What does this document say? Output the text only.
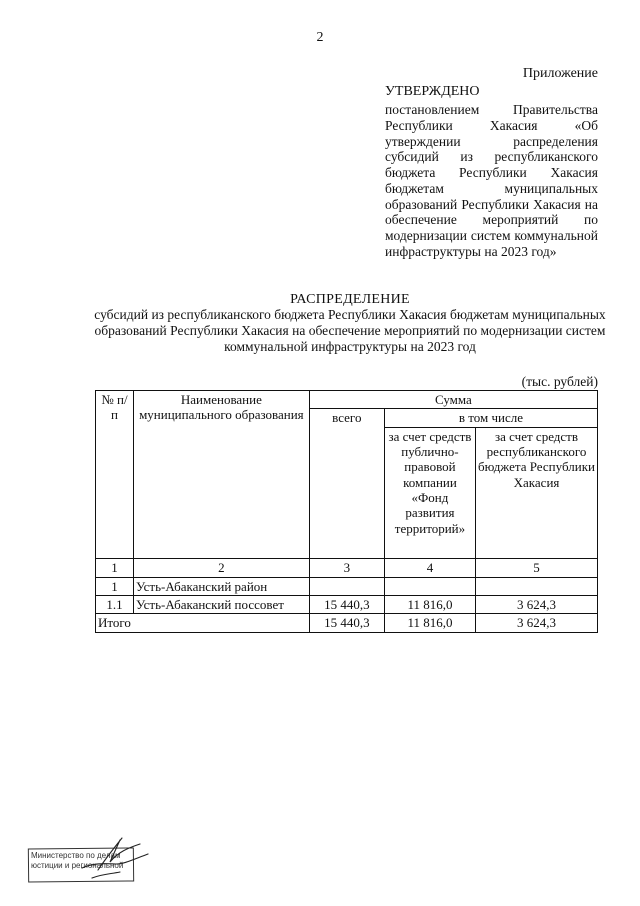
2
Приложение
УТВЕРЖДЕНО
постановлением Правительства Республики Хакасия «Об утверждении распределения субсидий из республиканского бюджета Республики Хакасия бюджетам муниципальных образований Республики Хакасия на обеспечение мероприятий по модернизации систем коммунальной инфраструктуры на 2023 год»
РАСПРЕДЕЛЕНИЕ
субсидий из республиканского бюджета Республики Хакасия бюджетам муниципальных образований Республики Хакасия на обеспечение мероприятий по модернизации систем коммунальной инфраструктуры на 2023 год
(тыс. рублей)
№ п/п	Наименование муниципального образования	Сумма		
		всего	в том числе	
			за счет средств публично-правовой компании «Фонд развития территорий»	за счет средств республиканского бюджета Республики Хакасия
1	2	3	4	5
1	Усть-Абаканский район			
1.1	Усть-Абаканский поссовет	15 440,3	11 816,0	3 624,3
Итого		15 440,3	11 816,0	3 624,3
Министерство по делам
юстиции и региональной
